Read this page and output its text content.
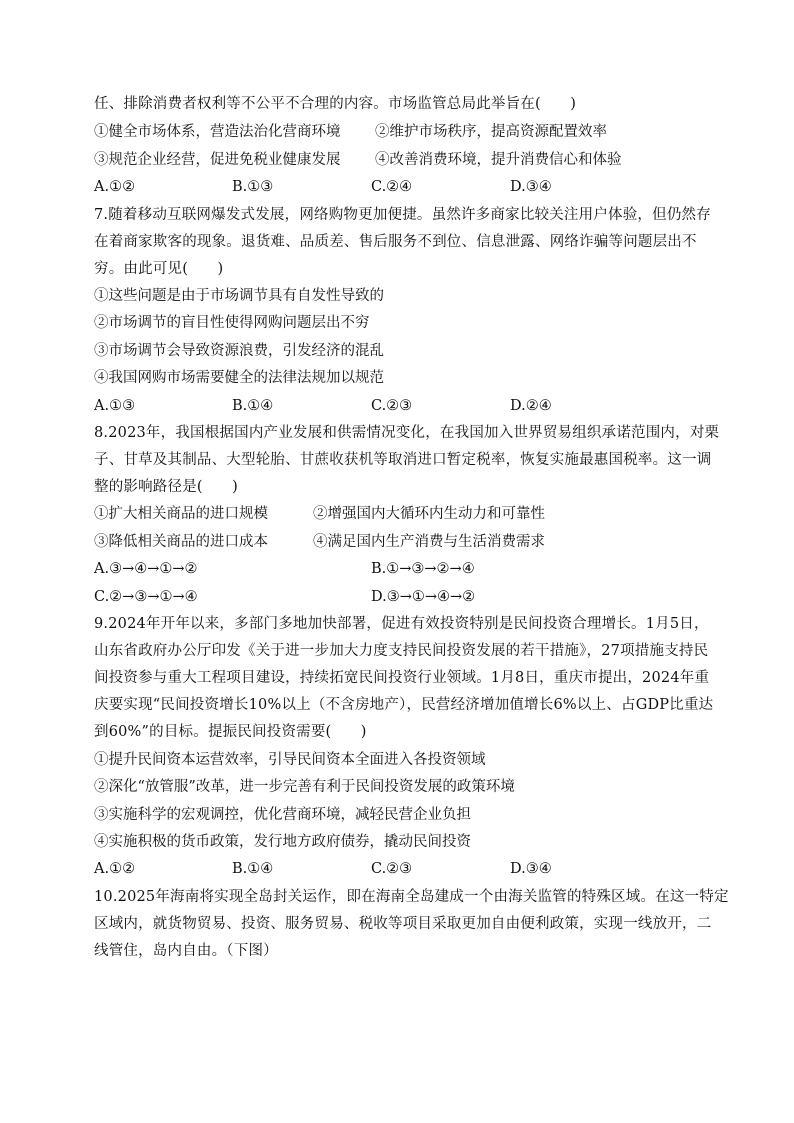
任、排除消费者权利等不公平不合理的内容。市场监管总局此举旨在(　　)
①健全市场体系，营造法治化营商环境 ②维护市场秩序，提高资源配置效率
③规范企业经营，促进免税业健康发展 ④改善消费环境，提升消费信心和体验
A.①②	B.①③	C.②④	D.③④
7.随着移动互联网爆发式发展，网络购物更加便捷。虽然许多商家比较关注用户体验，但仍然存
在着商家欺客的现象。退货难、品质差、售后服务不到位、信息泄露、网络诈骗等问题层出不
穷。由此可见(　　)
①这些问题是由于市场调节具有自发性导致的
②市场调节的盲目性使得网购问题层出不穷
③市场调节会导致资源浪费，引发经济的混乱
④我国网购市场需要健全的法律法规加以规范
A.①③	B.①④	C.②③	D.②④
8.2023年，我国根据国内产业发展和供需情况变化，在我国加入世界贸易组织承诺范围内，对栗
子、甘草及其制品、大型轮胎、甘蔗收获机等取消进口暂定税率，恢复实施最惠国税率。这一调
整的影响路径是(　　)
①扩大相关商品的进口规模	②增强国内大循环内生动力和可靠性
③降低相关商品的进口成本	④满足国内生产消费与生活消费需求
A.③→④→①→②	B.①→③→②→④
C.②→③→①→④	D.③→①→④→②
9.2024年开年以来，多部门多地加快部署，促进有效投资特别是民间投资合理增长。1月5日，
山东省政府办公厅印发《关于进一步加大力度支持民间投资发展的若干措施》，27项措施支持民
间投资参与重大工程项目建设，持续拓宽民间投资行业领域。1月8日，重庆市提出，2024年重
庆要实现“民间投资增长10%以上（不含房地产），民营经济增加值增长6%以上、占GDP比重达
到60%”的目标。提振民间投资需要(　　)
①提升民间资本运营效率，引导民间资本全面进入各投资领域
②深化“放管服”改革，进一步完善有利于民间投资发展的政策环境
③实施科学的宏观调控，优化营商环境，减轻民营企业负担
④实施积极的货币政策，发行地方政府债券，撬动民间投资
A.①②	B.①④	C.②③	D.③④
10.2025年海南将实现全岛封关运作，即在海南全岛建成一个由海关监管的特殊区域。在这一特定
区域内，就货物贸易、投资、服务贸易、税收等项目采取更加自由便利政策，实现一线放开，二
线管住，岛内自由。（下图）
